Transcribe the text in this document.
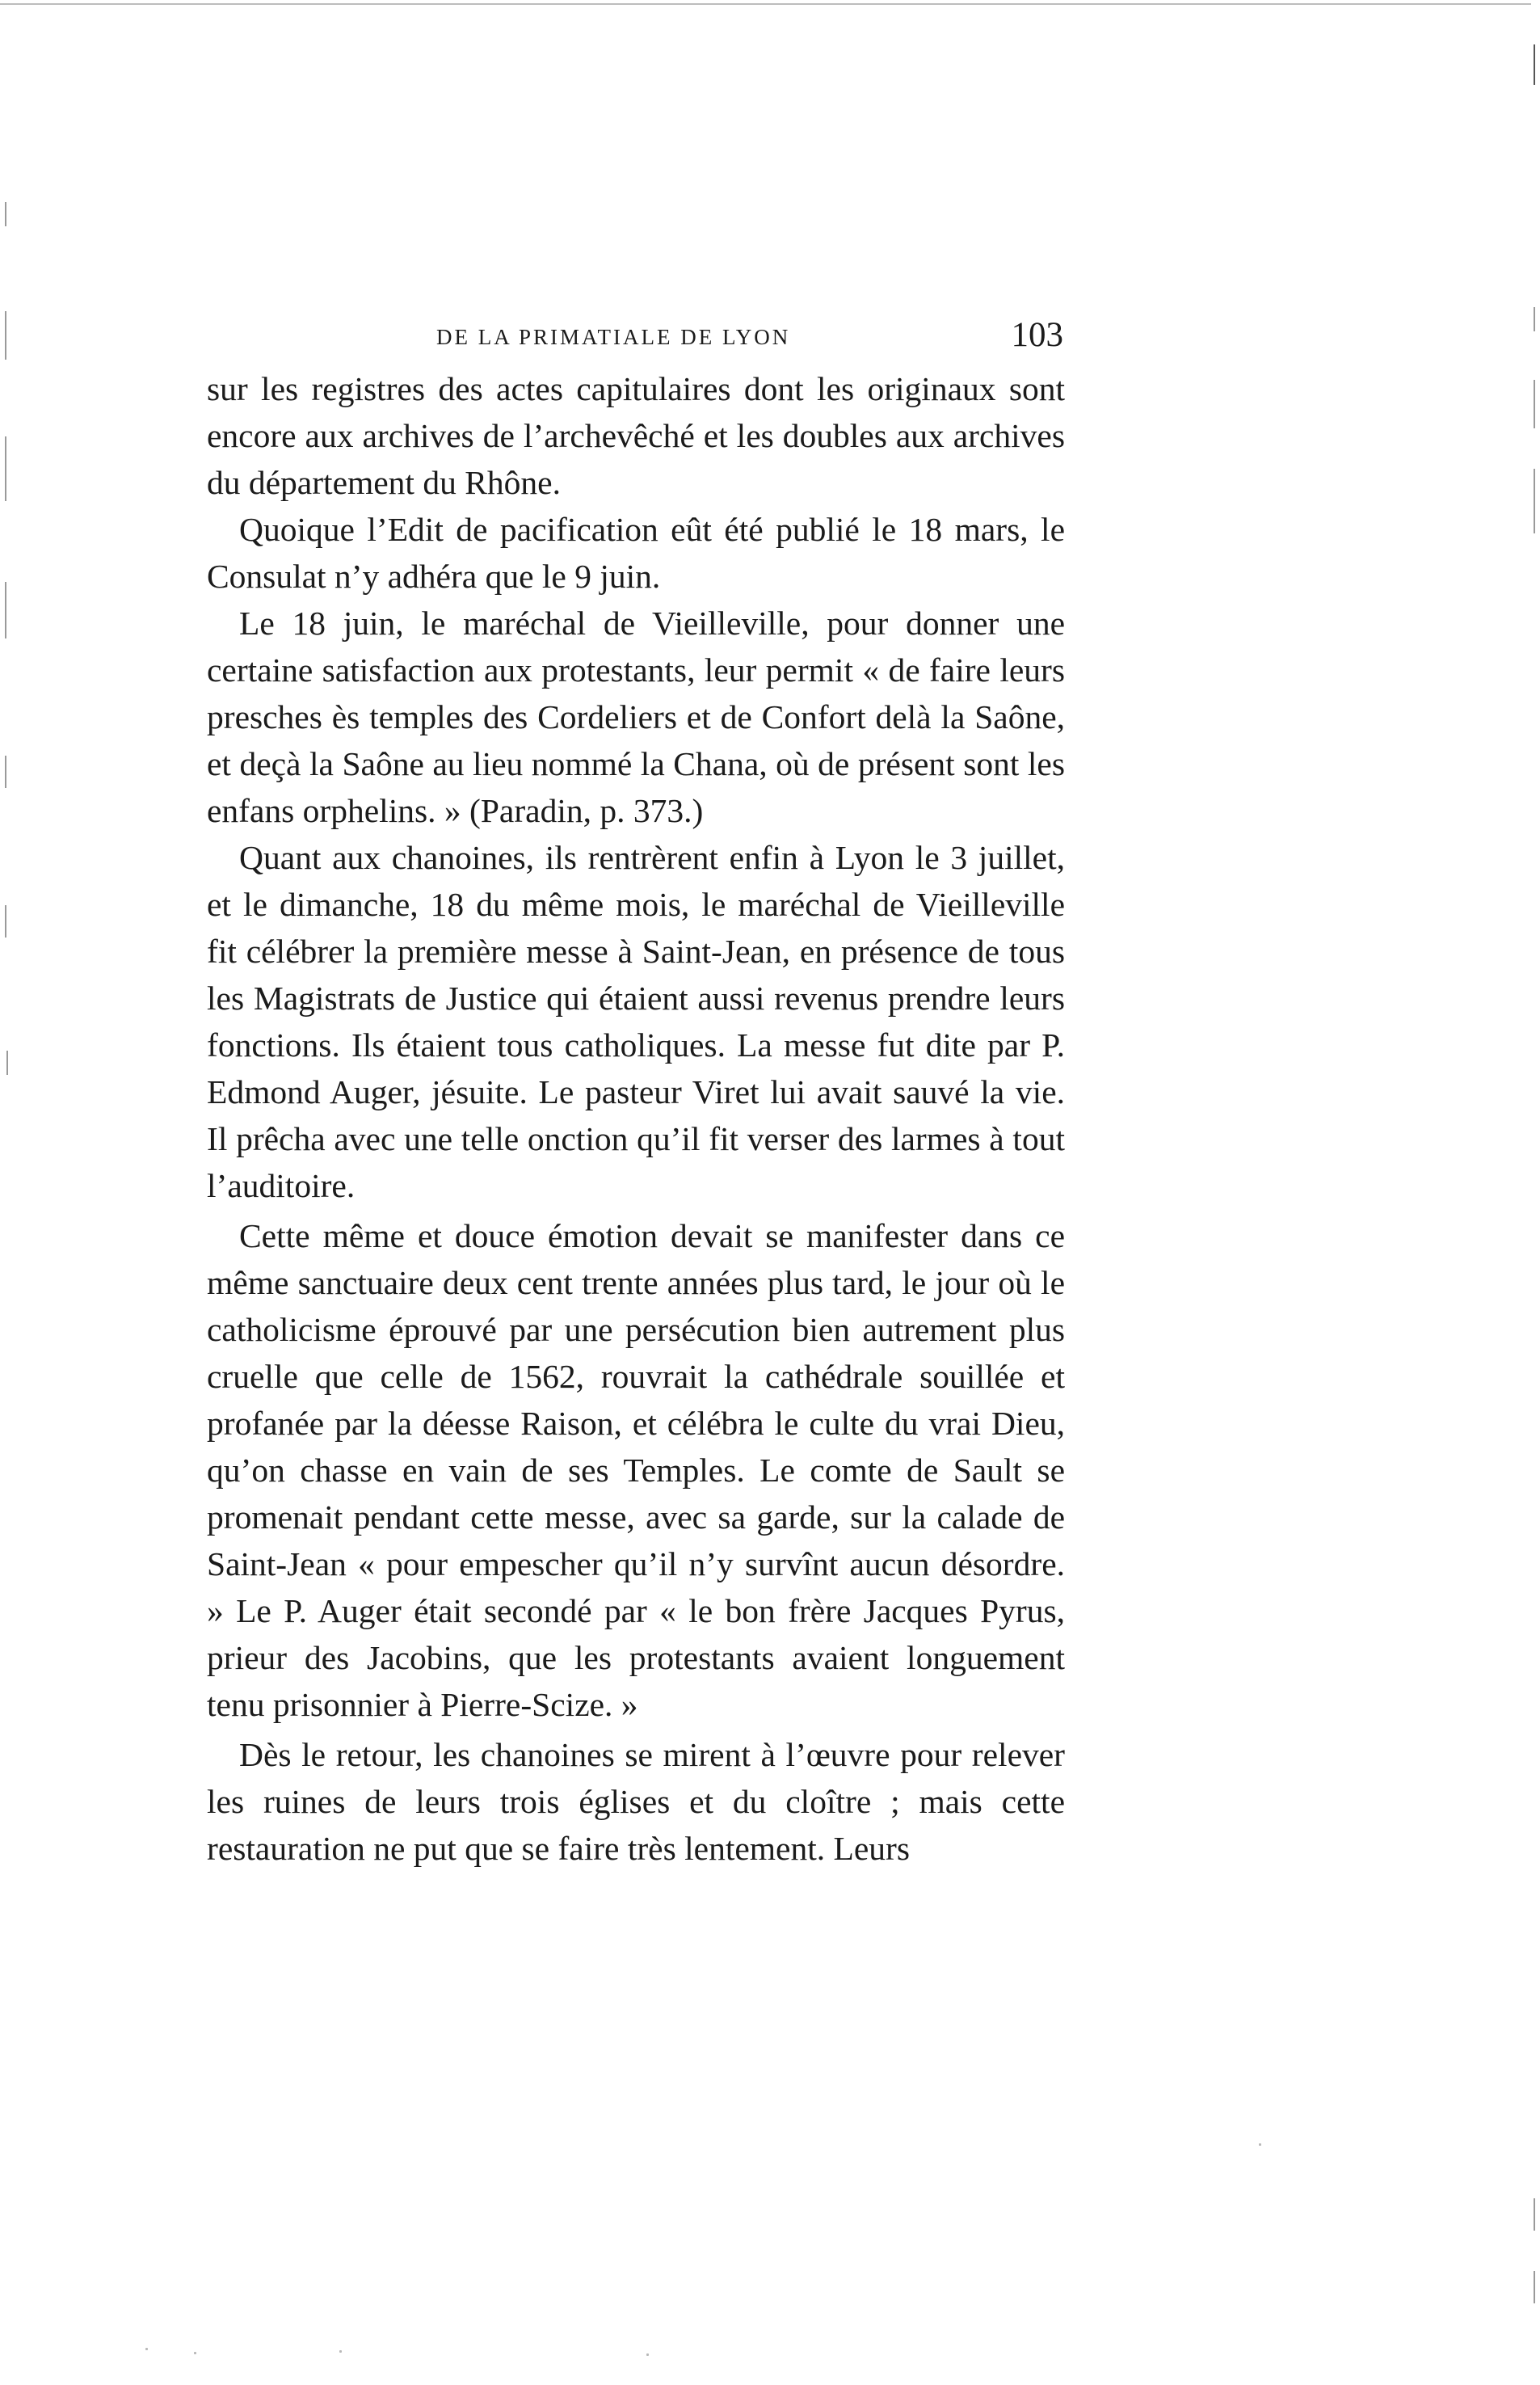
DE LA PRIMATIALE DE LYON	103

sur les registres des actes capitulaires dont les originaux sont encore aux archives de l’archevêché et les doubles aux archives du département du Rhône.

Quoique l’Edit de pacification eût été publié le 18 mars, le Consulat n’y adhéra que le 9 juin.

Le 18 juin, le maréchal de Vieilleville, pour donner une certaine satisfaction aux protestants, leur permit « de faire leurs presches ès temples des Cordeliers et de Confort delà la Saône, et deçà la Saône au lieu nommé la Chana, où de présent sont les enfans orphelins. » (Paradin, p. 373.)

Quant aux chanoines, ils rentrèrent enfin à Lyon le 3 juillet, et le dimanche, 18 du même mois, le maréchal de Vieilleville fit célébrer la première messe à Saint-Jean, en présence de tous les Magistrats de Justice qui étaient aussi revenus prendre leurs fonctions. Ils étaient tous catholiques. La messe fut dite par P. Edmond Auger, jésuite. Le pasteur Viret lui avait sauvé la vie. Il prêcha avec une telle onction qu’il fit verser des larmes à tout l’auditoire.

Cette même et douce émotion devait se manifester dans ce même sanctuaire deux cent trente années plus tard, le jour où le catholicisme éprouvé par une persécution bien autrement plus cruelle que celle de 1562, rouvrait la cathédrale souillée et profanée par la déesse Raison, et célébra le culte du vrai Dieu, qu’on chasse en vain de ses Temples. Le comte de Sault se promenait pendant cette messe, avec sa garde, sur la calade de Saint-Jean « pour empescher qu’il n’y survînt aucun désordre. » Le P. Auger était secondé par « le bon frère Jacques Pyrus, prieur des Jacobins, que les protestants avaient longuement tenu prisonnier à Pierre-Scize. »

Dès le retour, les chanoines se mirent à l’œuvre pour relever les ruines de leurs trois églises et du cloître ; mais cette restauration ne put que se faire très lentement. Leurs
